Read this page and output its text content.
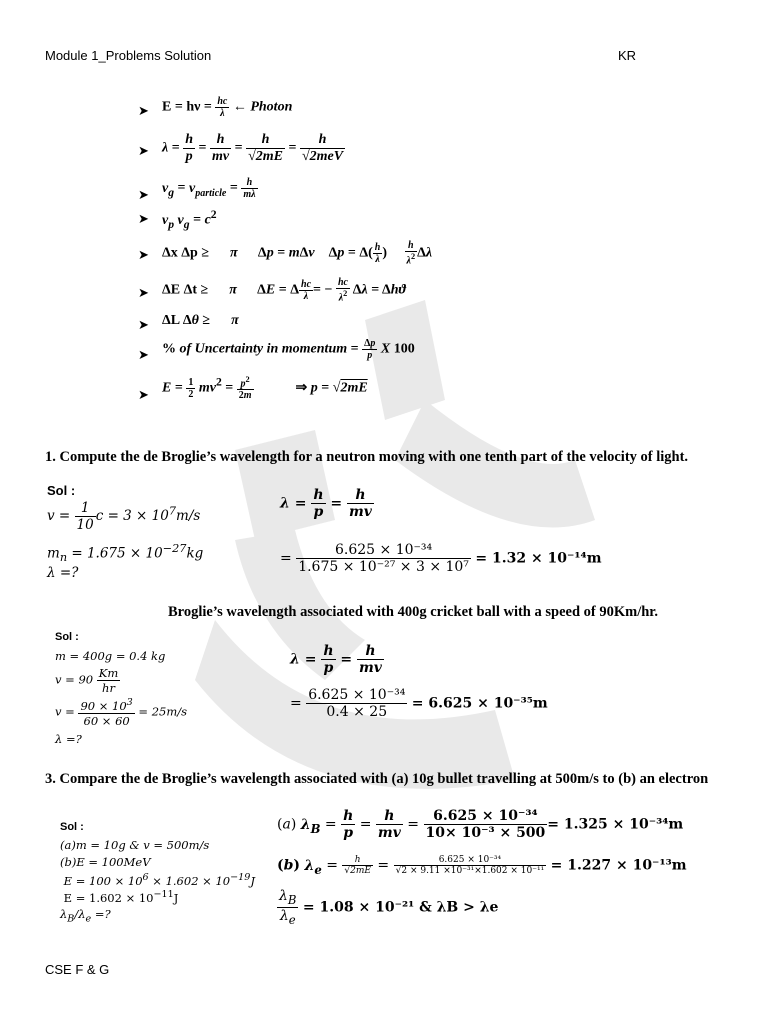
Module 1_Problems Solution	KR
➤ $E = h\nu = \frac{hc}{\lambda}$ ← Photon
➤ $\lambda = \frac{h}{p} = \frac{h}{mv} = \frac{h}{√2mE}$ =
h
√2meV
➤ $v_g = v_{particle} = \frac{h}{m\lambda}$
➤ $v_p$ $v_g = c^2$
➤ Δx Δp ≥      π      Δp = mΔv    $\Delta p = \Delta( \frac{h}{\lambda}$ ) $\frac{h}{\lambda^2}$ Δλ
➤ ΔE Δt ≥      π      ΔE = Δ $\frac{hc}{\lambda}$ = − $\frac{hc}{\lambda^2}$ Δλ = Δhϑ
➤ ΔL Δθ ≥      π
➤ % of Uncertainty in momentum = $\frac{\Delta p}{p}$ X 100
➤
$E = \frac{1}{2} mv^2 = \frac{p^2}{2m}$ ⇒ p = √2mE
1. Compute the de Broglie’s wavelength for a neutron moving with one tenth part of the velocity of light.
Sol :
$v = \frac{1}{10}$ $c = 3 \times 10^7m/s$
$m_n = 1.675 \times 10^{-27}kg$
λ =?
$\lambda = \frac{h}{p} = \frac{h}{mv}$
= $\frac{\text{6.625 × 10⁻³⁴}}{\text{1.675 × 10⁻²⁷ × 3 × 10⁷}} = 1.32 \times 10^{-14}m$
Broglie’s wavelength associated with 400g cricket ball with a speed of 90Km/hr.
Sol :
m = 400g = 0.4 kg
$v = 90 \frac{Km}{hr}$
$v = \frac{90 \times 10^3}{60 \times 60} = 25m/s$
λ =?
$\lambda = \frac{h}{p} = \frac{h}{mv}$
= $\frac{\text{6.625 × 10⁻³⁴}}{0.4 \times 25} = 6.625 \times 10^{-35}m$
3. Compare the de Broglie’s wavelength associated with (a) 10g bullet travelling at 500m/s to (b) an electron
Sol :
(a)m = 10g & v = 500m/s
(b)E = 100MeV
$E = 100 \times 10^6 \times 1.602 \times 10^{-19}J$
$E = 1.602 \times 10^{-11}J$
$\lambda_B/\lambda_e$ =?
(a) $\lambda_B = \frac{h}{p} = \frac{h}{mv} = \frac{\text{6.625 × 10⁻³⁴}}{\text{10× 10⁻³ × 500}} = 1.325 \times 10^{-34}m$
(b) $\lambda_e = \frac{h}{√2mE} = \frac{\text{6.625 × 10⁻³⁴}}{\text{√2 × 9.11 ×10⁻³¹×1.602 × 10⁻¹¹}} = 1.227 \times 10^{-13}m$
$\frac{\lambda_B}{\lambda_e} = 1.08 \times 10^{-21}$ & λB > λe
CSE F & G
